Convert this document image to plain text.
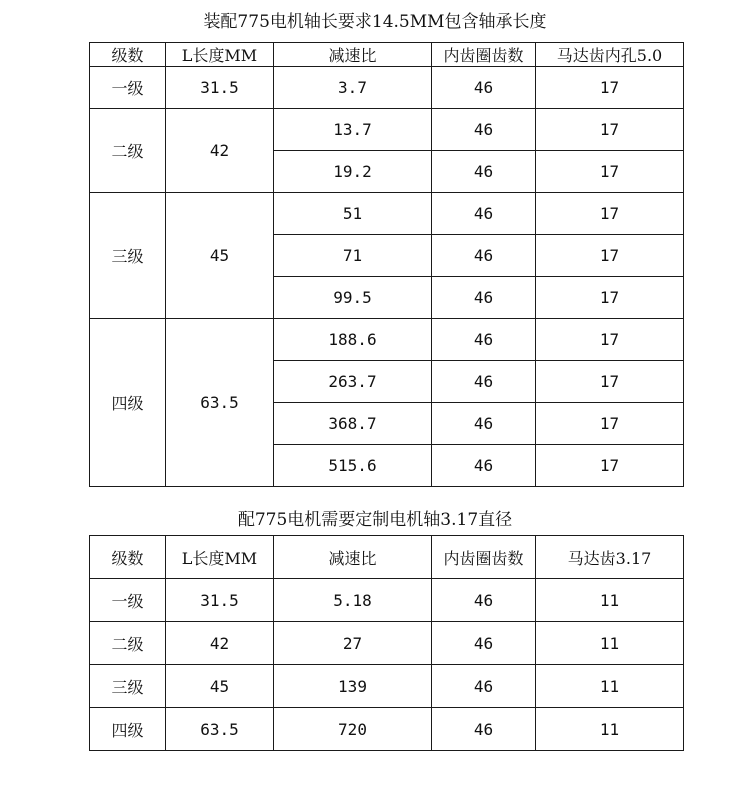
装配775电机轴长要求14.5MM包含轴承长度
级数	L长度MM	减速比	内齿圈齿数	马达齿内孔5.0
一级	31.5	3.7	46	17
二级	42	13.7	46	17
		19.2	46	17
三级	45	51	46	17
		71	46	17
		99.5	46	17
四级	63.5	188.6	46	17
		263.7	46	17
		368.7	46	17
		515.6	46	17
配775电机需要定制电机轴3.17直径
级数	L长度MM	减速比	内齿圈齿数	马达齿3.17
一级	31.5	5.18	46	11
二级	42	27	46	11
三级	45	139	46	11
四级	63.5	720	46	11
